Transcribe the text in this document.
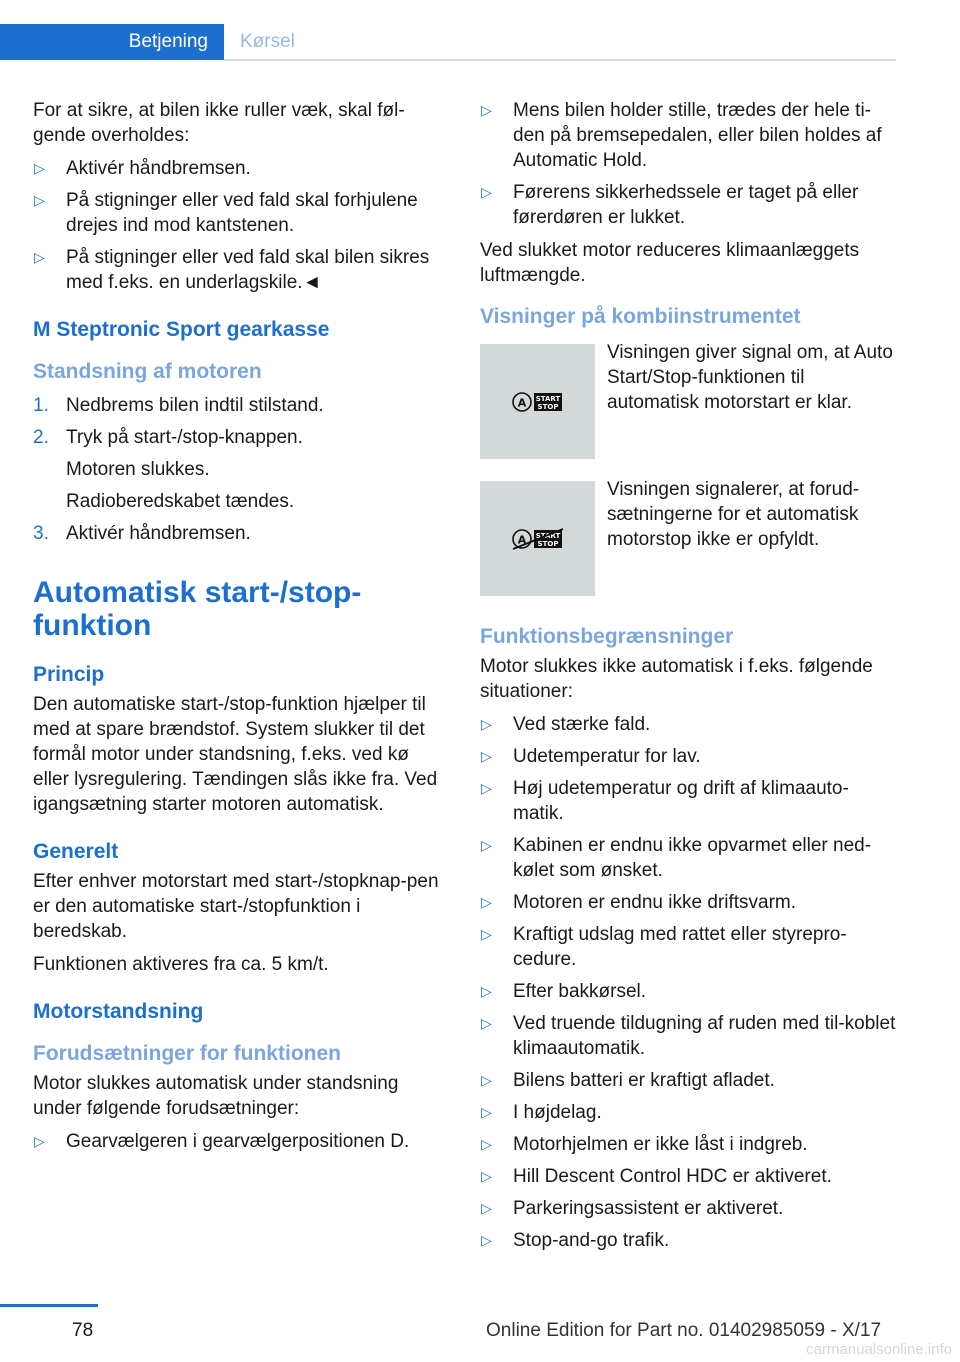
Betjening	Kørsel

For at sikre, at bilen ikke ruller væk, skal føl-gende overholdes:

▷ Aktivér håndbremsen.
▷ På stigninger eller ved fald skal forhjulene drejes ind mod kantstenen.
▷ På stigninger eller ved fald skal bilen sikres med f.eks. en underlagskile.◄
M Steptronic Sport gearkasse
Standsning af motoren
1. Nedbrems bilen indtil stilstand.
2. Tryk på start-/stop-knappen.
Motoren slukkes.
Radioberedskabet tændes.
3. Aktivér håndbremsen.
Automatisk start-/stop-funktion
Princip

Den automatiske start-/stop-funktion hjælper til med at spare brændstof. System slukker til det formål motor under standsning, f.eks. ved kø eller lysregulering. Tændingen slås ikke fra. Ved igangsætning starter motoren automatisk.

Generelt

Efter enhver motorstart med start-/stopknap-pen er den automatiske start-/stopfunktion i beredskab.

Funktionen aktiveres fra ca. 5 km/t.

Motorstandsning
Forudsætninger for funktionen

Motor slukkes automatisk under standsning under følgende forudsætninger:

▷ Gearvælgeren i gearvælgerpositionen D.
▷ Mens bilen holder stille, trædes der hele ti-den på bremsepedalen, eller bilen holdes af Automatic Hold.
▷ Førerens sikkerhedssele er taget på eller førerdøren er lukket.

Ved slukket motor reduceres klimaanlæggets luftmængde.

Visninger på kombiinstrumentet
A START
STOP
Visningen giver signal om, at Auto Start/Stop-funktionen til automatisk motorstart er klar.
A START
STOP
Visningen signalerer, at forud-sætningerne for et automatisk motorstop ikke er opfyldt.
Funktionsbegrænsninger

Motor slukkes ikke automatisk i f.eks. følgende situationer:

▷ Ved stærke fald.
▷ Udetemperatur for lav.
▷ Høj udetemperatur og drift af klimaauto-matik.
▷ Kabinen er endnu ikke opvarmet eller ned-kølet som ønsket.
▷ Motoren er endnu ikke driftsvarm.
▷ Kraftigt udslag med rattet eller styrepro-cedure.
▷ Efter bakkørsel.
▷ Ved truende tildugning af ruden med til-koblet klimaautomatik.
▷ Bilens batteri er kraftigt afladet.
▷ I højdelag.
▷ Motorhjelmen er ikke låst i indgreb.
▷ Hill Descent Control HDC er aktiveret.
▷ Parkeringsassistent er aktiveret.
▷ Stop-and-go trafik.
78	Online Edition for Part no. 01402985059 - X/17
carmanualsonline.info
